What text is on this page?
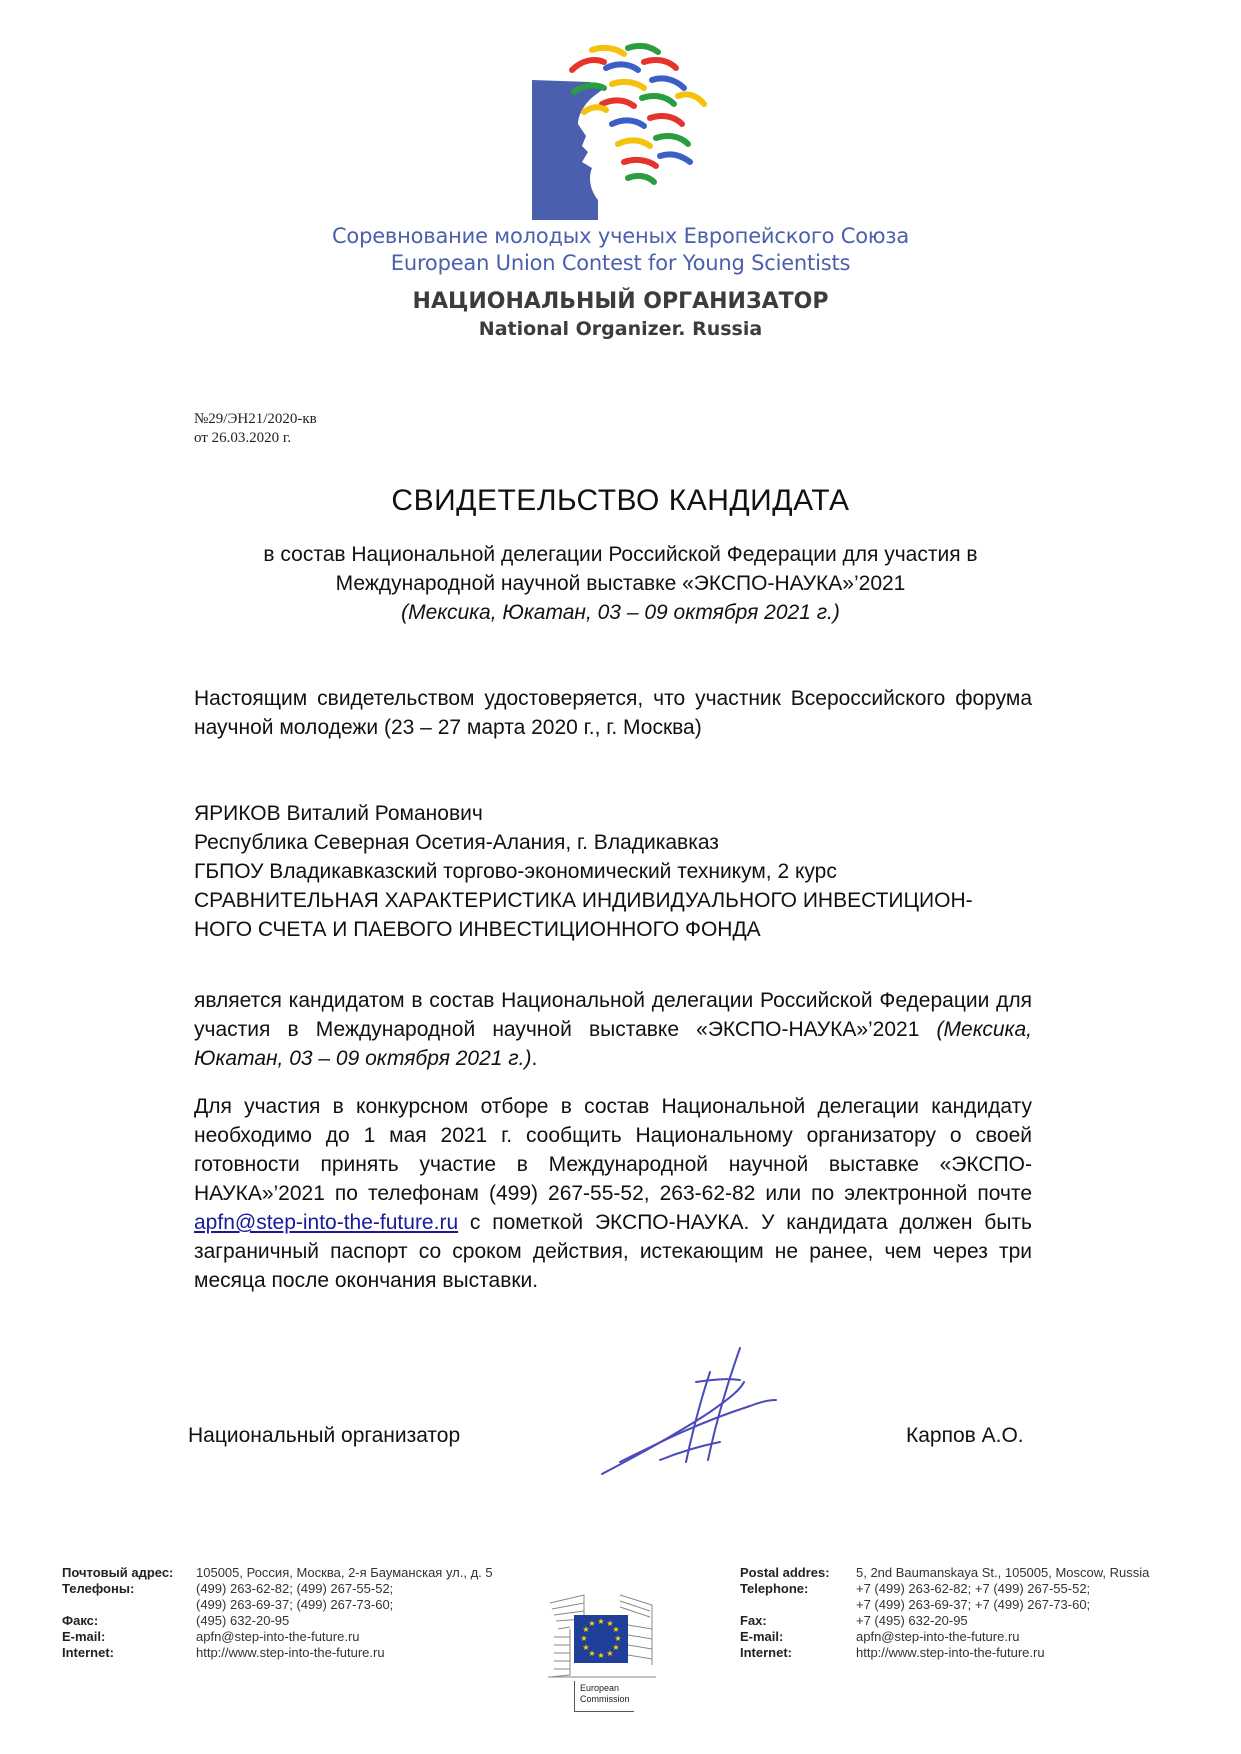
Соревнование молодых ученых Европейского Союза
European Union Contest for Young Scientists
НАЦИОНАЛЬНЫЙ ОРГАНИЗАТОР
National Organizer. Russia
№29/ЭН21/2020-кв
от 26.03.2020 г.
СВИДЕТЕЛЬСТВО КАНДИДАТА
в состав Национальной делегации Российской Федерации для участия в
Международной научной выставке «ЭКСПО-НАУКА»’2021
(Мексика, Юкатан, 03 – 09 октября 2021 г.)
Настоящим свидетельством удостоверяется, что участник Всероссийского форума научной молодежи (23 – 27 марта 2020 г., г. Москва)
ЯРИКОВ Виталий Романович
Республика Северная Осетия-Алания, г. Владикавказ
ГБПОУ Владикавказский торгово-экономический техникум, 2 курс
СРАВНИТЕЛЬНАЯ ХАРАКТЕРИСТИКА ИНДИВИДУАЛЬНОГО ИНВЕСТИЦИОН-
НОГО СЧЕТА И ПАЕВОГО ИНВЕСТИЦИОННОГО ФОНДА
является кандидатом в состав Национальной делегации Российской Федерации для участия в Международной научной выставке «ЭКСПО-НАУКА»’2021 (Мексика, Юкатан, 03 – 09 октября 2021 г.).
Для участия в конкурсном отборе в состав Национальной делегации кандидату необходимо до 1 мая 2021 г. сообщить Национальному организатору о своей готовности принять участие в Международной научной выставке «ЭКСПО-НАУКА»’2021 по телефонам (499) 267-55-52, 263-62-82 или по электронной почте apfn@step-into-the-future.ru с пометкой ЭКСПО-НАУКА. У кандидата должен быть заграничный паспорт со сроком действия, истекающим не ранее, чем через три месяца после окончания выставки.
Национальный организатор	Карпов А.О.
Почтовый адрес: 105005, Россия, Москва, 2-я Бауманская ул., д. 5
Телефоны:	(499) 263-62-82; (499) 267-55-52;
(499) 263-69-37; (499) 267-73-60;
Факс:	(495) 632-20-95
E-mail:	apfn@step-into-the-future.ru
Internet:	http://www.step-into-the-future.ru
★ ★
★
★
★
★
★
★
★
★
★
★
European
Commission
Postal addres: 5, 2nd Baumanskaya St., 105005, Moscow, Russia
Telephone:	+7 (499) 263-62-82; +7 (499) 267-55-52;
+7 (499) 263-69-37; +7 (499) 267-73-60;
Fax:	+7 (495) 632-20-95
E-mail:	apfn@step-into-the-future.ru
Internet:	http://www.step-into-the-future.ru
